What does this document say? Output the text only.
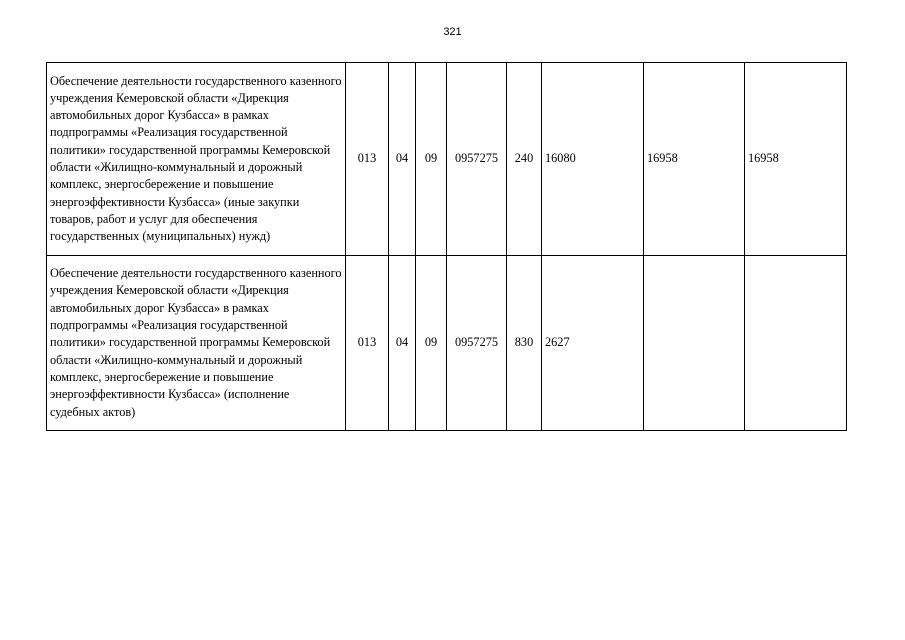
321
Обеспечение деятельности государственного казенного учреждения Кемеровской области «Дирекция автомобильных дорог Кузбасса» в рамках подпрограммы «Реализация государственной политики» государственной программы Кемеровской области «Жилищно-коммунальный и дорожный комплекс, энергосбережение и повышение энергоэффективности Кузбасса» (иные закупки товаров, работ и услуг для обеспечения государственных (муниципальных) нужд)	013	04	09	0957275	240	16080	16958	16958
Обеспечение деятельности государственного казенного учреждения Кемеровской области «Дирекция автомобильных дорог Кузбасса» в рамках подпрограммы «Реализация государственной политики» государственной программы Кемеровской области «Жилищно-коммунальный и дорожный комплекс, энергосбережение и повышение энергоэффективности Кузбасса» (исполнение судебных актов)	013	04	09	0957275	830	2627		
